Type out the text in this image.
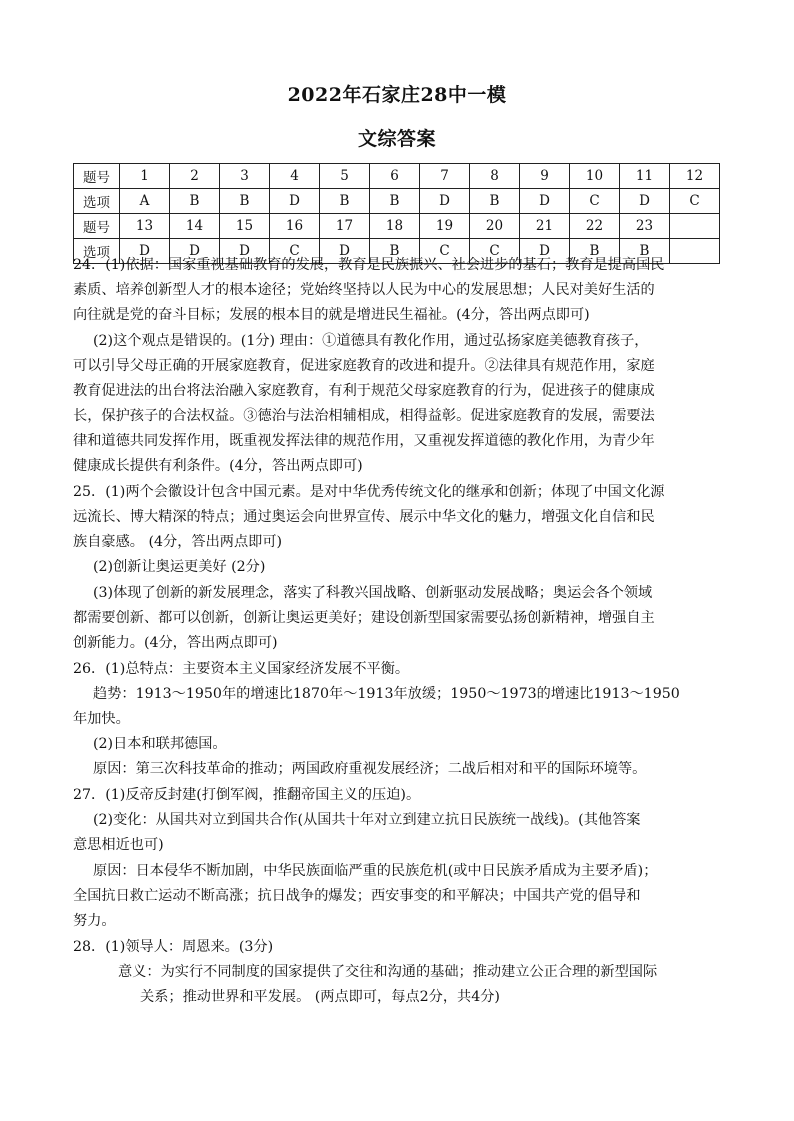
2022年石家庄28中一模
文综答案
题号	1	2	3	4	5	6	7	8	9	10	11	12
选项	A	B	B	D	B	B	D	B	D	C	D	C
题号	13	14	15	16	17	18	19	20	21	22	23	
选项	D	D	D	C	D	B	C	C	D	B	B	
24．(1)依据：国家重视基础教育的发展，教育是民族振兴、社会进步的基石；教育是提高国民
素质、培养创新型人才的根本途径；党始终坚持以人民为中心的发展思想；人民对美好生活的
向往就是党的奋斗目标；发展的根本目的就是增进民生福祉。(4分，答出两点即可)
(2)这个观点是错误的。(1分) 理由：①道德具有教化作用，通过弘扬家庭美德教育孩子，
可以引导父母正确的开展家庭教育，促进家庭教育的改进和提升。②法律具有规范作用，家庭
教育促进法的出台将法治融入家庭教育，有利于规范父母家庭教育的行为，促进孩子的健康成
长，保护孩子的合法权益。③德治与法治相辅相成，相得益彰。促进家庭教育的发展，需要法
律和道德共同发挥作用，既重视发挥法律的规范作用，又重视发挥道德的教化作用，为青少年
健康成长提供有利条件。(4分，答出两点即可)
25．(1)两个会徽设计包含中国元素。是对中华优秀传统文化的继承和创新；体现了中国文化源
远流长、博大精深的特点；通过奥运会向世界宣传、展示中华文化的魅力，增强文化自信和民
族自豪感。 (4分，答出两点即可)
(2)创新让奥运更美好 (2分)
(3)体现了创新的新发展理念，落实了科教兴国战略、创新驱动发展战略；奥运会各个领域
都需要创新、都可以创新，创新让奥运更美好；建设创新型国家需要弘扬创新精神，增强自主
创新能力。(4分，答出两点即可)
26．(1)总特点：主要资本主义国家经济发展不平衡。
趋势：1913～1950年的增速比1870年～1913年放缓；1950～1973的增速比1913～1950
年加快。
(2)日本和联邦德国。
原因：第三次科技革命的推动；两国政府重视发展经济；二战后相对和平的国际环境等。
27．(1)反帝反封建(打倒军阀，推翻帝国主义的压迫)。
(2)变化：从国共对立到国共合作(从国共十年对立到建立抗日民族统一战线)。(其他答案
意思相近也可)
原因：日本侵华不断加剧，中华民族面临严重的民族危机(或中日民族矛盾成为主要矛盾)；
全国抗日救亡运动不断高涨；抗日战争的爆发；西安事变的和平解决；中国共产党的倡导和
努力。
28．(1)领导人：周恩来。(3分)
意义：为实行不同制度的国家提供了交往和沟通的基础；推动建立公正合理的新型国际
关系；推动世界和平发展。 (两点即可，每点2分，共4分)
